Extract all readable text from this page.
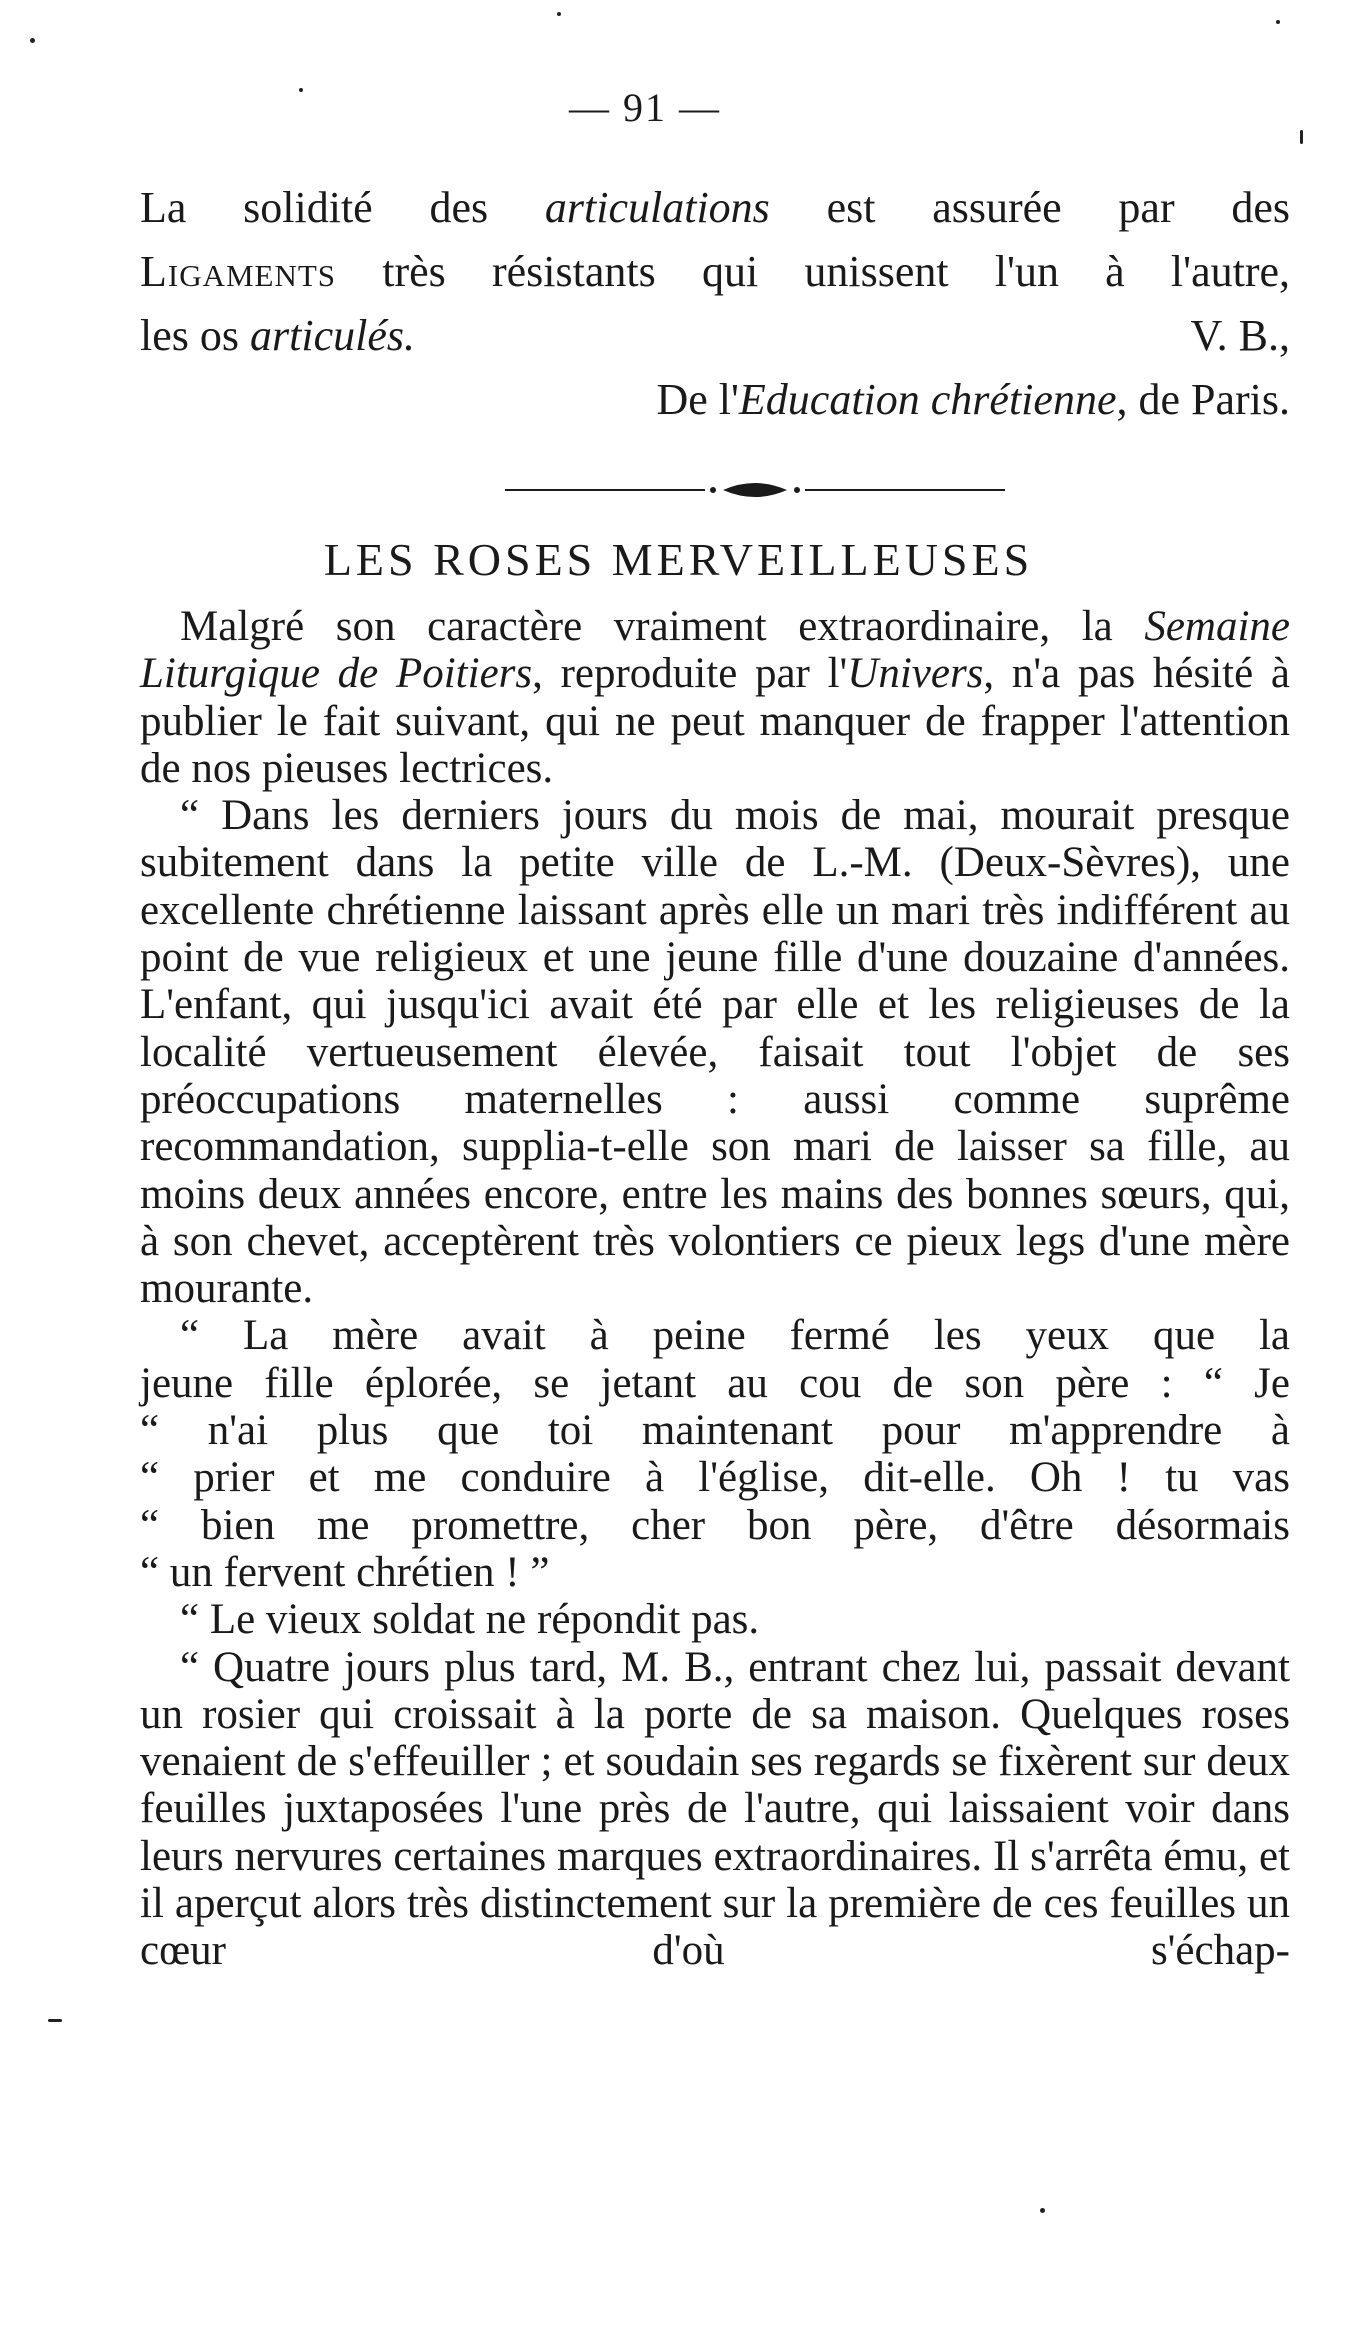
— 91 —
La solidité des articulations est assurée par des
Ligaments très résistants qui unissent l'un à l'autre,
les os articulés.	V. B.,
De l'Education chrétienne, de Paris.
LES ROSES MERVEILLEUSES

Malgré son caractère vraiment extraordinaire, la Semaine Liturgique de Poitiers, reproduite par l'Univers, n'a pas hésité à publier le fait suivant, qui ne peut manquer de frapper l'attention de nos pieuses lectrices.

“ Dans les derniers jours du mois de mai, mourait presque subitement dans la petite ville de L.-M. (Deux-Sèvres), une excellente chrétienne laissant après elle un mari très indifférent au point de vue religieux et une jeune fille d'une douzaine d'années. L'enfant, qui jusqu'ici avait été par elle et les religieuses de la localité vertueusement élevée, faisait tout l'objet de ses préoccupations maternelles : aussi comme suprême recommandation, supplia-t-elle son mari de laisser sa fille, au moins deux années encore, entre les mains des bonnes sœurs, qui, à son chevet, acceptèrent très volontiers ce pieux legs d'une mère mourante.

“ La mère avait à peine fermé les yeux que la

jeune fille éplorée, se jetant au cou de son père : “ Je

“ n'ai plus que toi maintenant pour m'apprendre à

“ prier et me conduire à l'église, dit-elle. Oh ! tu vas

“ bien me promettre, cher bon père, d'être désormais

“ un fervent chrétien ! ”

“ Le vieux soldat ne répondit pas.

“ Quatre jours plus tard, M. B., entrant chez lui, passait devant un rosier qui croissait à la porte de sa maison. Quelques roses venaient de s'effeuiller ; et soudain ses regards se fixèrent sur deux feuilles juxtaposées l'une près de l'autre, qui laissaient voir dans leurs nervures certaines marques extraordinaires. Il s'arrêta ému, et il aperçut alors très distinctement sur la première de ces feuilles un cœur d'où s'échap-
